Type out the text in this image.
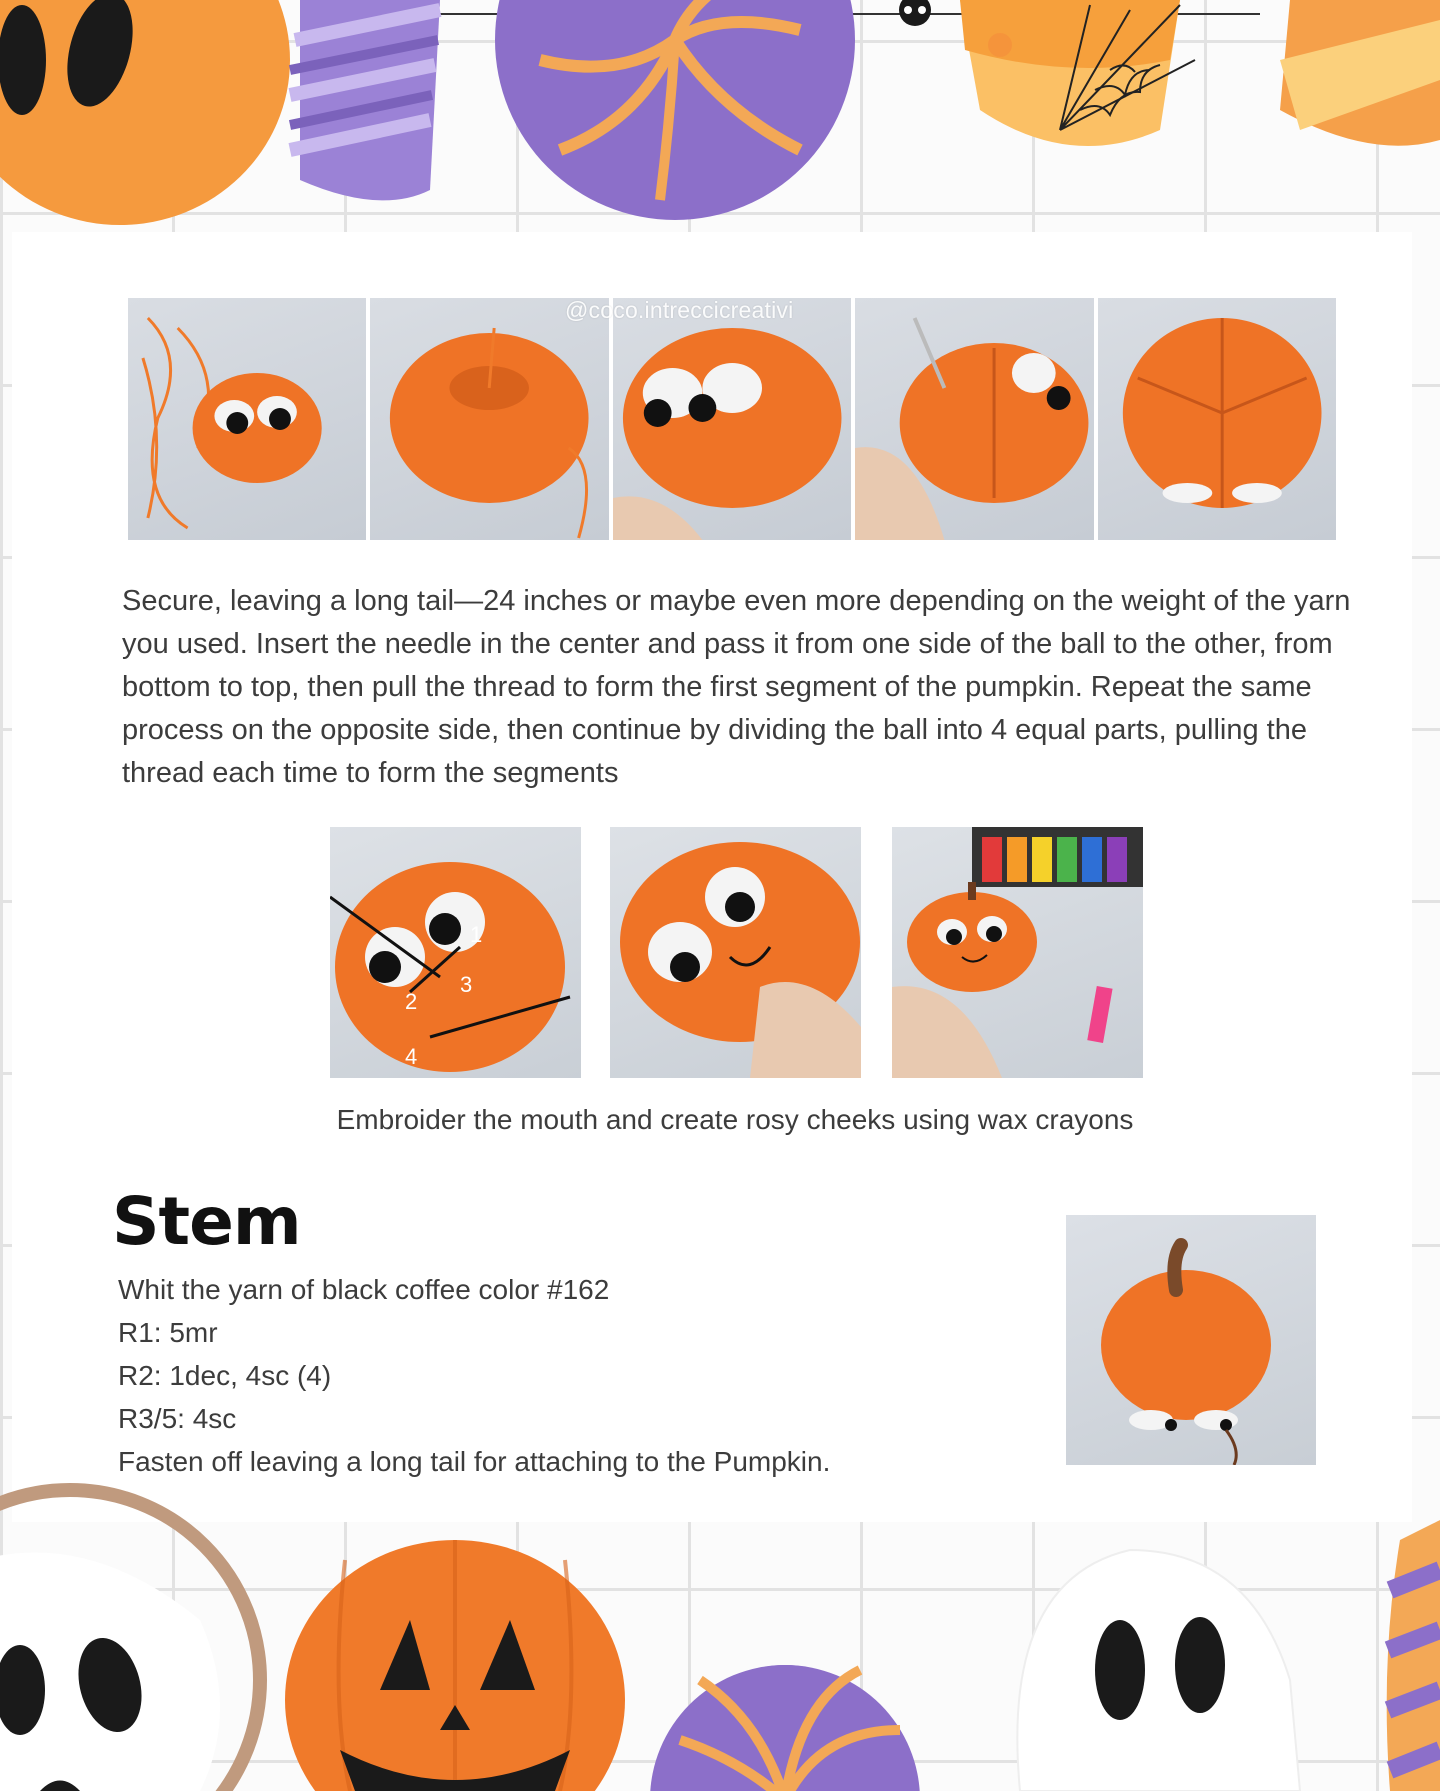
@coco.intreccicreativi
Secure, leaving a long tail—24 inches or maybe even more depending on the weight of the yarn you used. Insert the needle in the center and pass it from one side of the ball to the other, from bottom to top, then pull the thread to form the first segment of the pumpkin. Repeat the same process on the opposite side, then continue by dividing the ball into 4 equal parts, pulling the thread each time to form the segments
1
2
3
4
Embroider the mouth and create rosy cheeks using wax crayons
Stem
Whit the yarn of black coffee color #162
R1: 5mr
R2: 1dec, 4sc (4)
R3/5: 4sc
Fasten off leaving a long tail for attaching to the Pumpkin.
